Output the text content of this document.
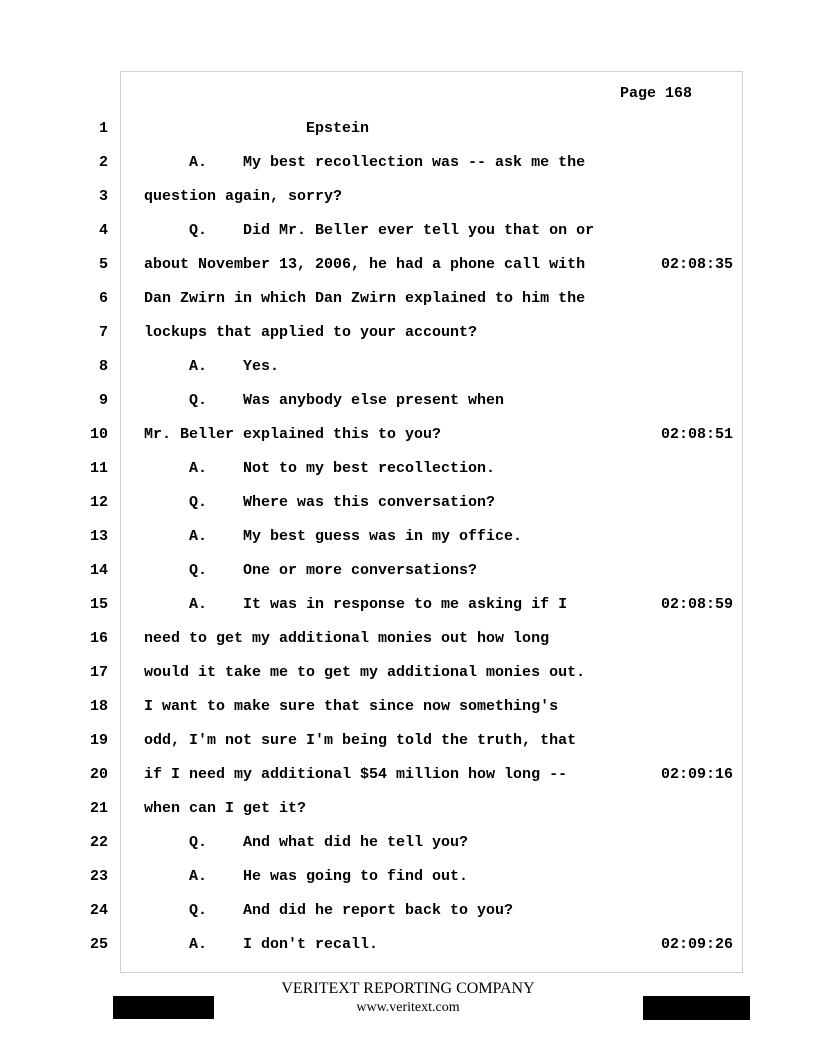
Page 168
1 Epstein
2 A.    My best recollection was -- ask me the
3 question again, sorry?
4 Q.    Did Mr. Beller ever tell you that on or
5 about November 13, 2006, he had a phone call with	02:08:35
6 Dan Zwirn in which Dan Zwirn explained to him the
7 lockups that applied to your account?
8 A.    Yes.
9 Q.    Was anybody else present when
10 Mr. Beller explained this to you?	02:08:51
11 A.    Not to my best recollection.
12 Q.    Where was this conversation?
13 A.    My best guess was in my office.
14 Q.    One or more conversations?
15 A.    It was in response to me asking if I	02:08:59
16 need to get my additional monies out how long
17 would it take me to get my additional monies out.
18 I want to make sure that since now something's
19 odd, I'm not sure I'm being told the truth, that
20 if I need my additional $54 million how long --	02:09:16
21 when can I get it?
22 Q.    And what did he tell you?
23 A.    He was going to find out.
24 Q.    And did he report back to you?
25 A.    I don't recall.	02:09:26
VERITEXT REPORTING COMPANY
www.veritext.com
